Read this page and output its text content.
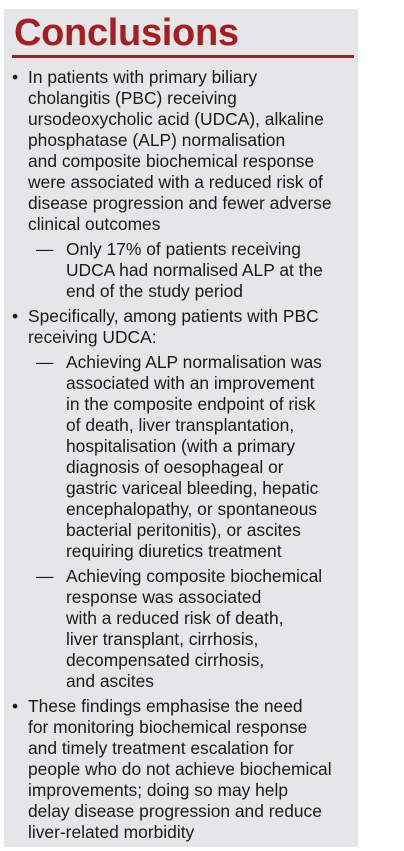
Conclusions
• In patients with primary biliary
cholangitis (PBC) receiving
ursodeoxycholic acid (UDCA), alkaline
phosphatase (ALP) normalisation
and composite biochemical response
were associated with a reduced risk of
disease progression and fewer adverse
clinical outcomes
— Only 17% of patients receiving
UDCA had normalised ALP at the
end of the study period
• Specifically, among patients with PBC
receiving UDCA:
— Achieving ALP normalisation was
associated with an improvement
in the composite endpoint of risk
of death, liver transplantation,
hospitalisation (with a primary
diagnosis of oesophageal or
gastric variceal bleeding, hepatic
encephalopathy, or spontaneous
bacterial peritonitis), or ascites
requiring diuretics treatment
— Achieving composite biochemical
response was associated
with a reduced risk of death,
liver transplant, cirrhosis,
decompensated cirrhosis,
and ascites
• These findings emphasise the need
for monitoring biochemical response
and timely treatment escalation for
people who do not achieve biochemical
improvements; doing so may help
delay disease progression and reduce
liver-related morbidity
